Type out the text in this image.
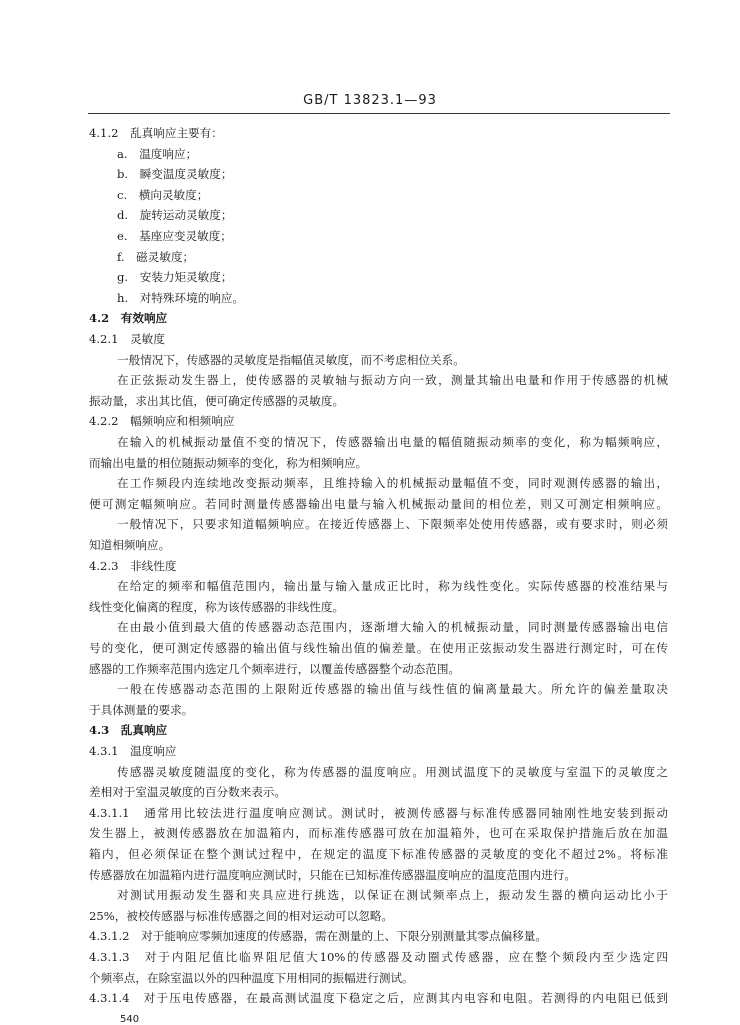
GB/T 13823.1—93
4.1.2　乱真响应主要有：
a.　温度响应；
b.　瞬变温度灵敏度；
c.　横向灵敏度；
d.　旋转运动灵敏度；
e.　基座应变灵敏度；
f.　磁灵敏度；
g.　安装力矩灵敏度；
h.　对特殊环境的响应。
4.2　有效响应
4.2.1　灵敏度
一般情况下，传感器的灵敏度是指幅值灵敏度，而不考虑相位关系。
在正弦振动发生器上，使传感器的灵敏轴与振动方向一致，测量其输出电量和作用于传感器的机械
振动量，求出其比值，便可确定传感器的灵敏度。
4.2.2　幅频响应和相频响应
在输入的机械振动量值不变的情况下，传感器输出电量的幅值随振动频率的变化，称为幅频响应，
而输出电量的相位随振动频率的变化，称为相频响应。
在工作频段内连续地改变振动频率，且维持输入的机械振动量幅值不变，同时观测传感器的输出，
便可测定幅频响应。若同时测量传感器输出电量与输入机械振动量间的相位差，则又可测定相频响应。
一般情况下，只要求知道幅频响应。在接近传感器上、下限频率处使用传感器，或有要求时，则必须
知道相频响应。
4.2.3　非线性度
在给定的频率和幅值范围内，输出量与输入量成正比时，称为线性变化。实际传感器的校准结果与
线性变化偏离的程度，称为该传感器的非线性度。
在由最小值到最大值的传感器动态范围内，逐渐增大输入的机械振动量，同时测量传感器输出电信
号的变化，便可测定传感器的输出值与线性输出值的偏差量。在使用正弦振动发生器进行测定时，可在传
感器的工作频率范围内选定几个频率进行，以覆盖传感器整个动态范围。
一般在传感器动态范围的上限附近传感器的输出值与线性值的偏离量最大。所允许的偏差量取决
于具体测量的要求。
4.3　乱真响应
4.3.1　温度响应
传感器灵敏度随温度的变化，称为传感器的温度响应。用测试温度下的灵敏度与室温下的灵敏度之
差相对于室温灵敏度的百分数来表示。
4.3.1.1　通常用比较法进行温度响应测试。测试时，被测传感器与标准传感器同轴刚性地安装到振动
发生器上，被测传感器放在加温箱内，而标准传感器可放在加温箱外，也可在采取保护措施后放在加温
箱内，但必须保证在整个测试过程中，在规定的温度下标准传感器的灵敏度的变化不超过2%。将标准
传感器放在加温箱内进行温度响应测试时，只能在已知标准传感器温度响应的温度范围内进行。
对测试用振动发生器和夹具应进行挑选，以保证在测试频率点上，振动发生器的横向运动比小于
25%，被校传感器与标准传感器之间的相对运动可以忽略。
4.3.1.2　对于能响应零频加速度的传感器，需在测量的上、下限分别测量其零点偏移量。
4.3.1.3　对于内阻尼值比临界阻尼值大10%的传感器及动圈式传感器，应在整个频段内至少选定四
个频率点，在除室温以外的四种温度下用相同的振幅进行测试。
4.3.1.4　对于压电传感器，在最高测试温度下稳定之后，应测其内电容和电阻。若测得的内电阻已低到
540
